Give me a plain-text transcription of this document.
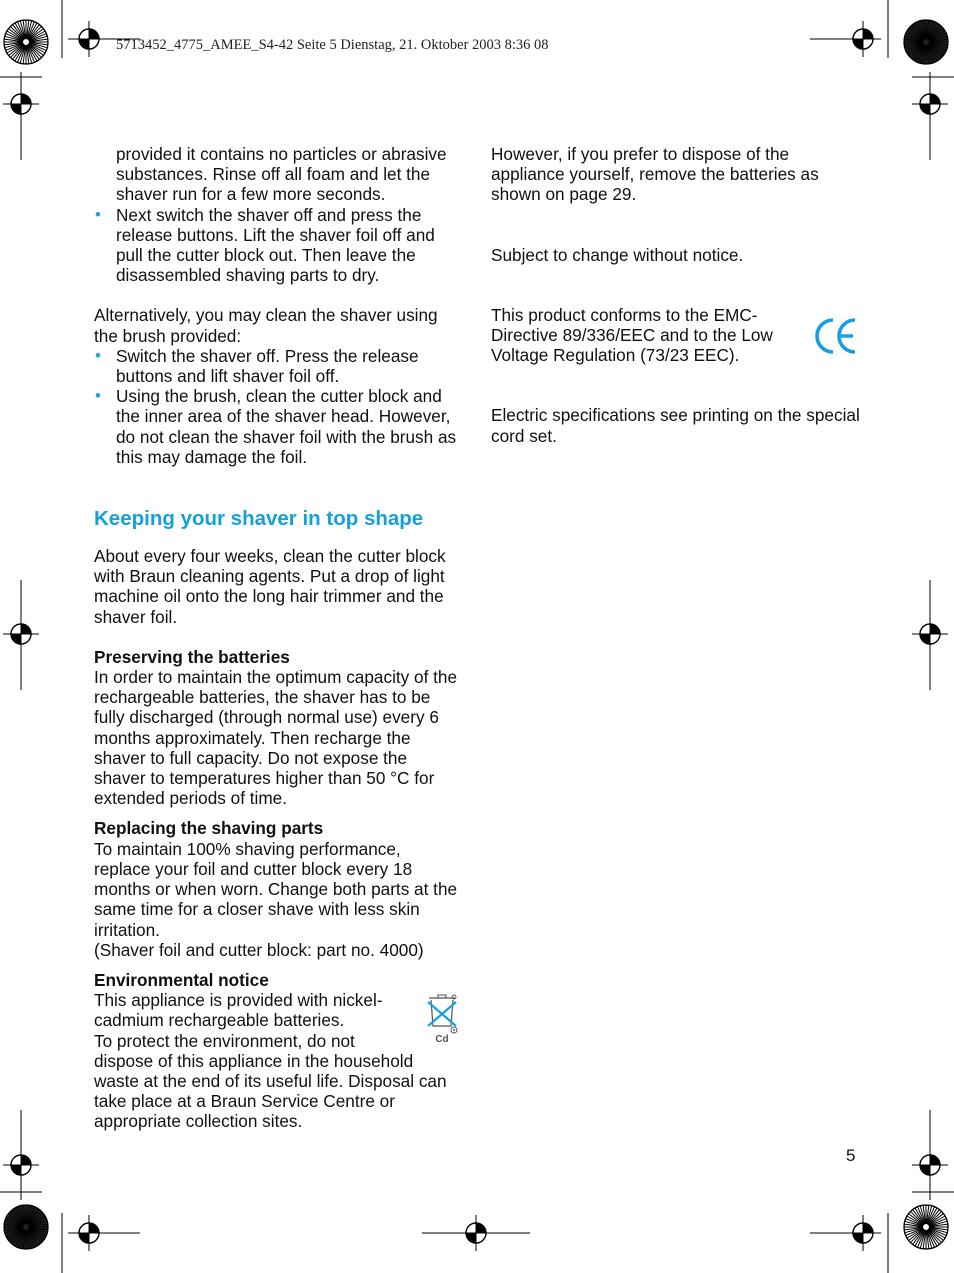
5713452_4775_AMEE_S4-42 Seite 5 Dienstag, 21. Oktober 2003 8:36 08

provided it contains no particles or abrasive substances. Rinse off all foam and let the shaver run for a few more seconds.

• Next switch the shaver off and press the release buttons. Lift the shaver foil off and pull the cutter block out. Then leave the disassembled shaving parts to dry.

Alternatively, you may clean the shaver using the brush provided:

• Switch the shaver off. Press the release buttons and lift shaver foil off.
• Using the brush, clean the cutter block and the inner area of the shaver head. However, do not clean the shaver foil with the brush as this may damage the foil.
Keeping your shaver in top shape

About every four weeks, clean the cutter block with Braun cleaning agents. Put a drop of light machine oil onto the long hair trimmer and the shaver foil.

Preserving the batteries

In order to maintain the optimum capacity of the rechargeable batteries, the shaver has to be fully discharged (through normal use) every 6 months approximately. Then recharge the shaver to full capacity. Do not expose the shaver to temperatures higher than 50 °C for extended periods of time.

Replacing the shaving parts

To maintain 100% shaving performance, replace your foil and cutter block every 18 months or when worn. Change both parts at the same time for a closer shave with less skin irritation.

(Shaver foil and cutter block: part no. 4000)

Environmental notice

This appliance is provided with nickel-

cadmium rechargeable batteries.

To protect the environment, do not

dispose of this appliance in the household waste at the end of its useful life. Disposal can take place at a Braun Service Centre or appropriate collection sites.

Cd

However, if you prefer to dispose of the appliance yourself, remove the batteries as shown on page 29.

Subject to change without notice.

This product conforms to the EMC-

Directive 89/336/EEC and to the Low

Voltage Regulation (73/23 EEC).

Electric specifications see printing on the special cord set.

5
